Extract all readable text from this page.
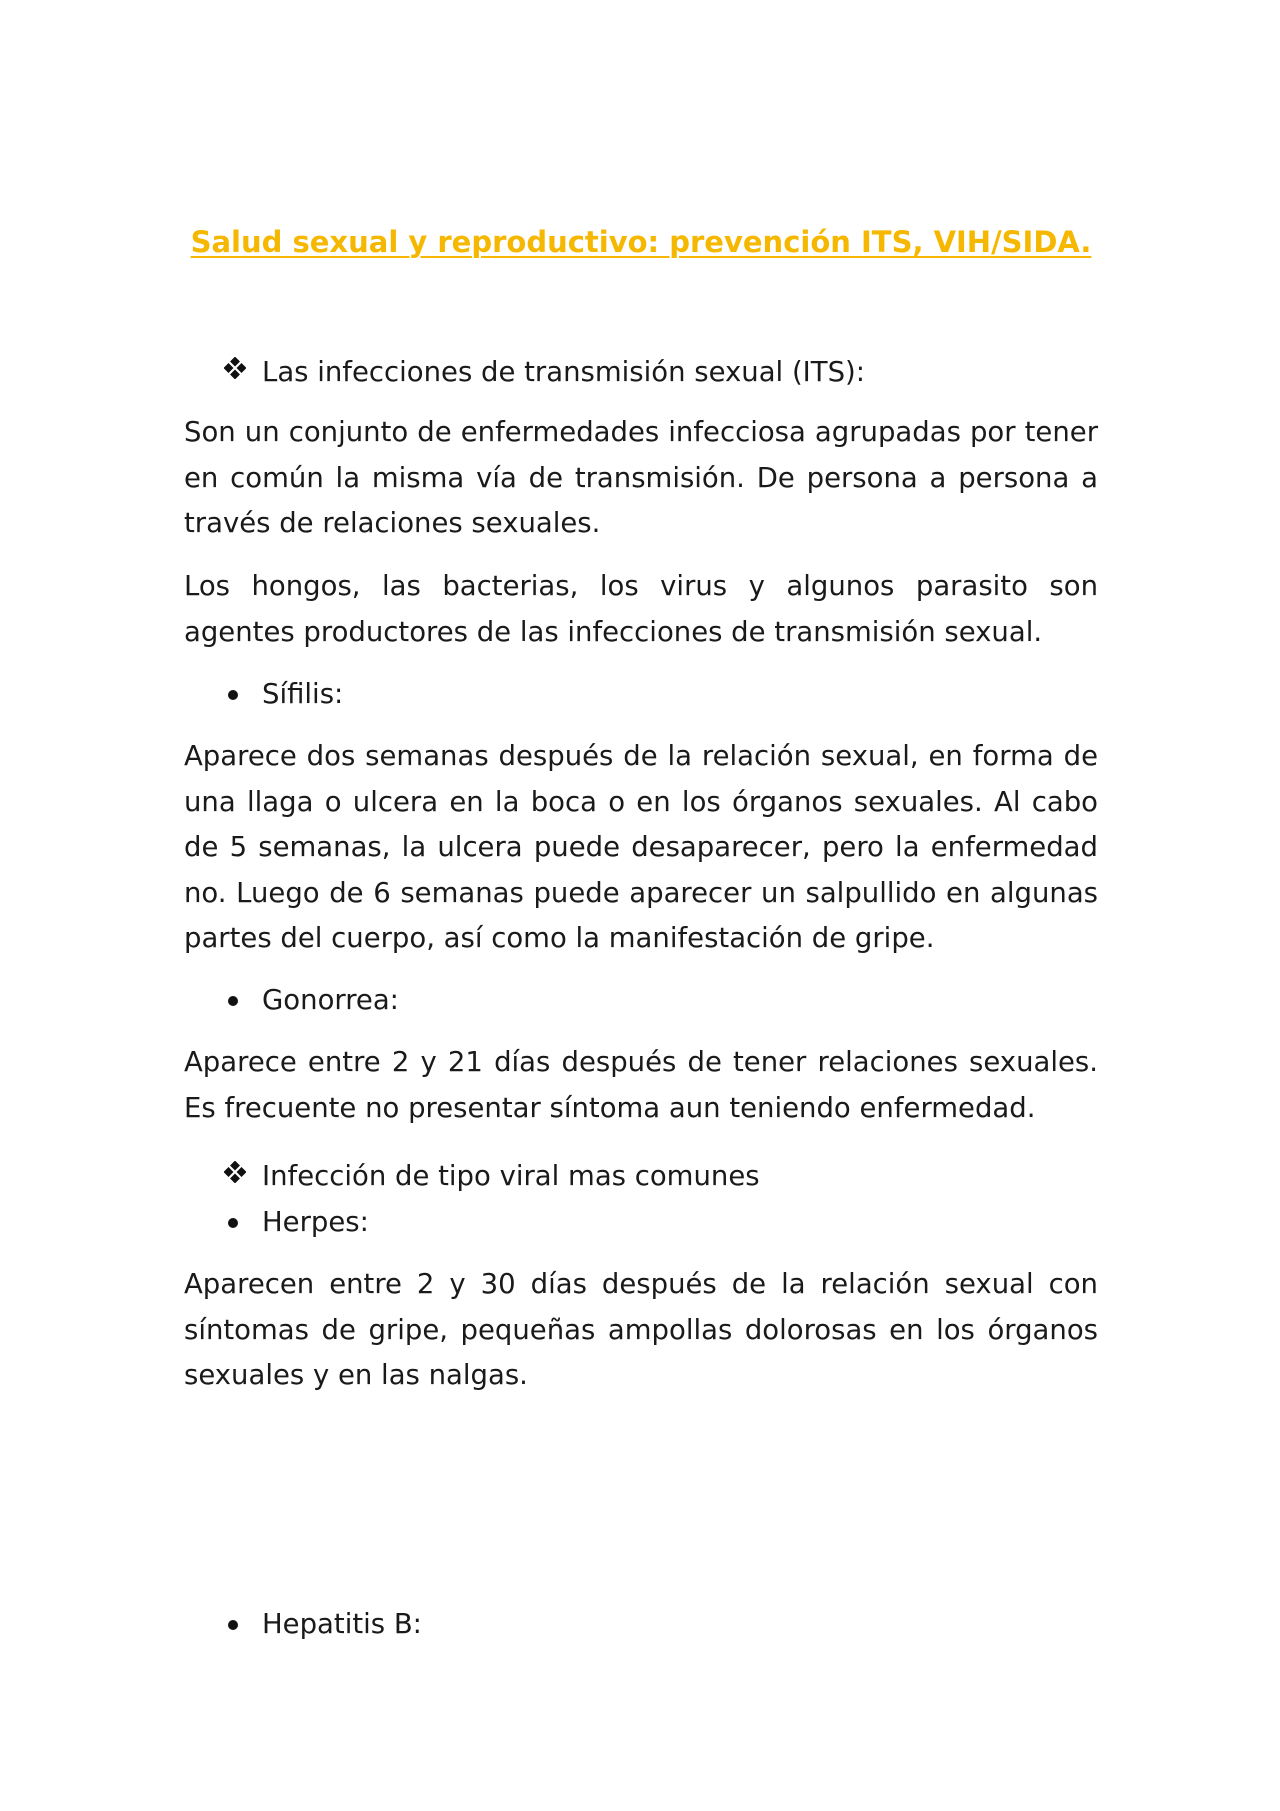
Salud sexual y reproductivo: prevención ITS, VIH/SIDA.
Las infecciones de transmisión sexual (ITS):

Son un conjunto de enfermedades infecciosa agrupadas por tener en común la misma vía de transmisión. De persona a persona a través de relaciones sexuales.

Los hongos, las bacterias, los virus y algunos parasito son agentes productores de las infecciones de transmisión sexual.

Sífilis:

Aparece dos semanas después de la relación sexual, en forma de una llaga o ulcera en la boca o en los órganos sexuales. Al cabo de 5 semanas, la ulcera puede desaparecer, pero la enfermedad no. Luego de 6 semanas puede aparecer un salpullido en algunas partes del cuerpo, así como la manifestación de gripe.

Gonorrea:

Aparece entre 2 y 21 días después de tener relaciones sexuales. Es frecuente no presentar síntoma aun teniendo enfermedad.

Infección de tipo viral mas comunes
Herpes:

Aparecen entre 2 y 30 días después de la relación sexual con síntomas de gripe, pequeñas ampollas dolorosas en los órganos sexuales y en las nalgas.

Hepatitis B:
